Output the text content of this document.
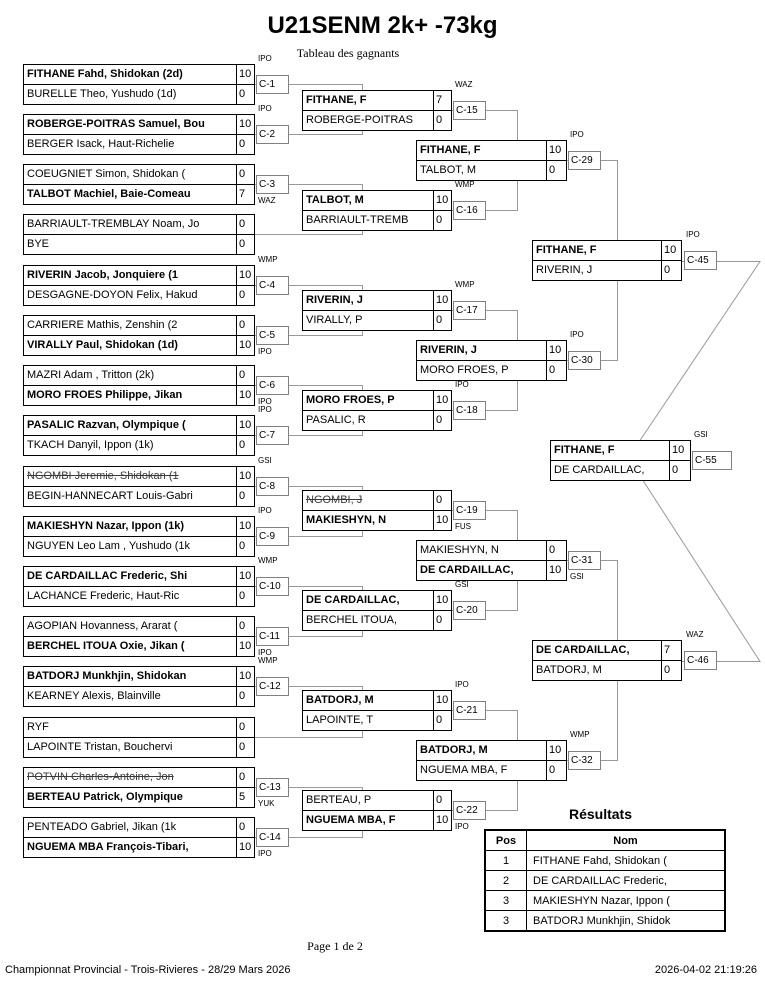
U21SENM 2k+ -73kg
Tableau des gagnants
FITHANE Fahd, Shidokan (2d)	10
BURELLE Theo, Yushudo (1d)	0
C-1
IPO
ROBERGE-POITRAS Samuel, Bou	10
BERGER Isack, Haut-Richelie	0
C-2
IPO
COEUGNIET Simon, Shidokan (	0
TALBOT Machiel, Baie-Comeau	7
C-3
WAZ
BARRIAULT-TREMBLAY Noam, Jo	0
BYE	0
RIVERIN Jacob, Jonquiere (1	10
DESGAGNE-DOYON Felix, Hakud	0
C-4
WMP
CARRIERE Mathis, Zenshin (2	0
VIRALLY Paul, Shidokan (1d)	10
C-5
IPO
MAZRI Adam , Tritton (2k)	0
MORO FROES Philippe, Jikan	10
C-6
IPO
PASALIC Razvan, Olympique (	10
TKACH Danyil, Ippon (1k)	0
C-7
IPO
NGOMBI Jeremie, Shidokan (1	10
BEGIN-HANNECART Louis-Gabri	0
C-8
GSI
MAKIESHYN Nazar, Ippon (1k)	10
NGUYEN Leo Lam , Yushudo (1k	0
C-9
IPO
DE CARDAILLAC Frederic, Shi	10
LACHANCE Frederic, Haut-Ric	0
C-10
WMP
AGOPIAN Hovanness, Ararat (	0
BERCHEL ITOUA Oxie, Jikan (	10
C-11
IPO
BATDORJ Munkhjin, Shidokan	10
KEARNEY Alexis, Blainville	0
C-12
WMP
RYF	0
LAPOINTE Tristan, Bouchervi	0
POTVIN Charles-Antoine, Jon	0
BERTEAU Patrick, Olympique	5
C-13
YUK
PENTEADO Gabriel, Jikan (1k	0
NGUEMA MBA François-Tibari,	10
C-14
IPO
FITHANE, F	7
ROBERGE-POITRAS	0
C-15
WAZ
TALBOT, M	10
BARRIAULT-TREMB	0
C-16
WMP
RIVERIN, J	10
VIRALLY, P	0
C-17
WMP
MORO FROES, P	10
PASALIC, R	0
C-18
IPO
NGOMBI, J	0
MAKIESHYN, N	10
C-19
FUS
DE CARDAILLAC,	10
BERCHEL ITOUA,	0
C-20
GSI
BATDORJ, M	10
LAPOINTE, T	0
C-21
IPO
BERTEAU, P	0
NGUEMA MBA, F	10
C-22
IPO
FITHANE, F	10
TALBOT, M	0
C-29
IPO
RIVERIN, J	10
MORO FROES, P	0
C-30
IPO
MAKIESHYN, N	0
DE CARDAILLAC,	10
C-31
GSI
BATDORJ, M	10
NGUEMA MBA, F	0
C-32
WMP
FITHANE, F	10
RIVERIN, J	0
C-45
IPO
DE CARDAILLAC,	7
BATDORJ, M	0
C-46
WAZ
FITHANE, F	10
DE CARDAILLAC,	0
C-55
GSI
Résultats
Pos	Nom
1	FITHANE Fahd, Shidokan (
2	DE CARDAILLAC Frederic,
3	MAKIESHYN Nazar, Ippon (
3	BATDORJ Munkhjin, Shidok
Page 1 de 2
Championnat Provincial - Trois-Rivieres - 28/29 Mars 2026	2026-04-02 21:19:26
